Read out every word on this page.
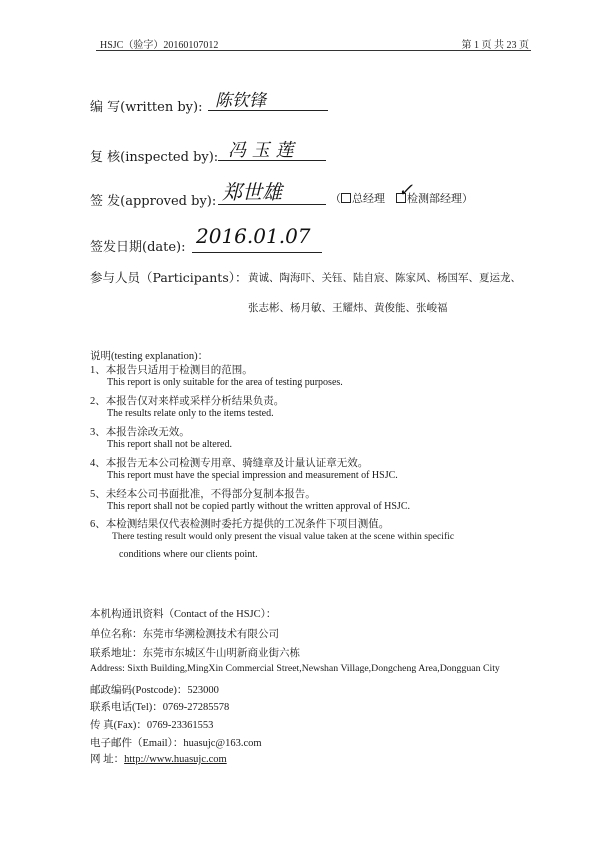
HSJC（验字）20160107012	第 1 页 共 23 页
编 写(written by): 陈钦锋
复 核(inspected by): 冯 玉 莲
签 发(approved by): 郑世雄	（ 总经理 检测部经理）
✓
签发日期(date): 2016.01.07
参与人员（Participants）： 黄诚、陶海吓、关钰、陆自宸、陈家风、杨国军、夏运龙、
张志彬、杨月敏、王耀炜、黄俊能、张峻福
说明(testing explanation)：
1、本报告只适用于检测目的范围。
This report is only suitable for the area of testing purposes.
2、本报告仅对来样或采样分析结果负责。
The results relate only to the items tested.
3、本报告涂改无效。
This report shall not be altered.
4、本报告无本公司检测专用章、骑缝章及计量认证章无效。
This report must have the special impression and measurement of HSJC.
5、未经本公司书面批准，不得部分复制本报告。
This report shall not be copied partly without the written approval of HSJC.
6、本检测结果仅代表检测时委托方提供的工况条件下项目测值。
There testing result would only present the visual value taken at the scene within specific
conditions where our clients point.
本机构通讯资料（Contact of the HSJC）：
单位名称：东莞市华溯检测技术有限公司
联系地址：东莞市东城区牛山明新商业街六栋
Address: Sixth Building,MingXin Commercial Street,Newshan Village,Dongcheng Area,Dongguan City
邮政编码(Postcode)：523000
联系电话(Tel)：0769-27285578
传 真(Fax)：0769-23361553
电子邮件（Email）：huasujc@163.com
网 址：http://www.huasujc.com
